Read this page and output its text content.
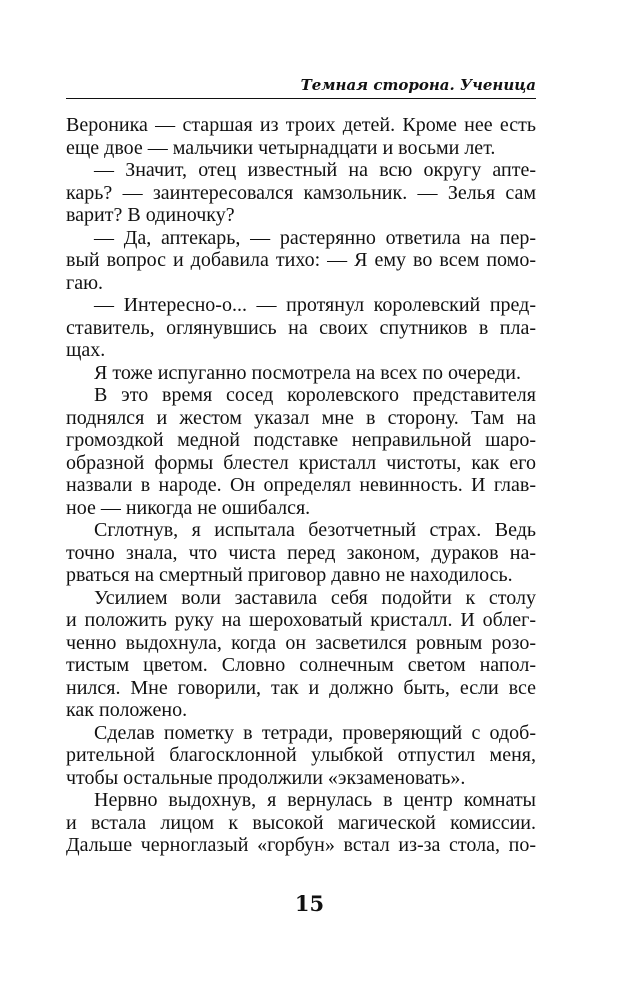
Темная сторона. Ученица
Вероника — старшая из троих детей. Кроме нее есть
еще двое — мальчики четырнадцати и восьми лет.
— Значит, отец известный на всю округу апте-
карь? — заинтересовался камзольник. — Зелья сам
варит? В одиночку?
— Да, аптекарь, — растерянно ответила на пер-
вый вопрос и добавила тихо: — Я ему во всем помо-
гаю.
— Интересно-о... — протянул королевский пред-
ставитель, оглянувшись на своих спутников в пла-
щах.
Я тоже испуганно посмотрела на всех по очереди.
В это время сосед королевского представителя
поднялся и жестом указал мне в сторону. Там на
громоздкой медной подставке неправильной шаро-
образной формы блестел кристалл чистоты, как его
назвали в народе. Он определял невинность. И глав-
ное — никогда не ошибался.
Сглотнув, я испытала безотчетный страх. Ведь
точно знала, что чиста перед законом, дураков на-
рваться на смертный приговор давно не находилось.
Усилием воли заставила себя подойти к столу
и положить руку на шероховатый кристалл. И облег-
ченно выдохнула, когда он засветился ровным розо-
тистым цветом. Словно солнечным светом напол-
нился. Мне говорили, так и должно быть, если все
как положено.
Сделав пометку в тетради, проверяющий с одоб-
рительной благосклонной улыбкой отпустил меня,
чтобы остальные продолжили «экзаменовать».
Нервно выдохнув, я вернулась в центр комнаты
и встала лицом к высокой магической комиссии.
Дальше черноглазый «горбун» встал из-за стола, по-
15
